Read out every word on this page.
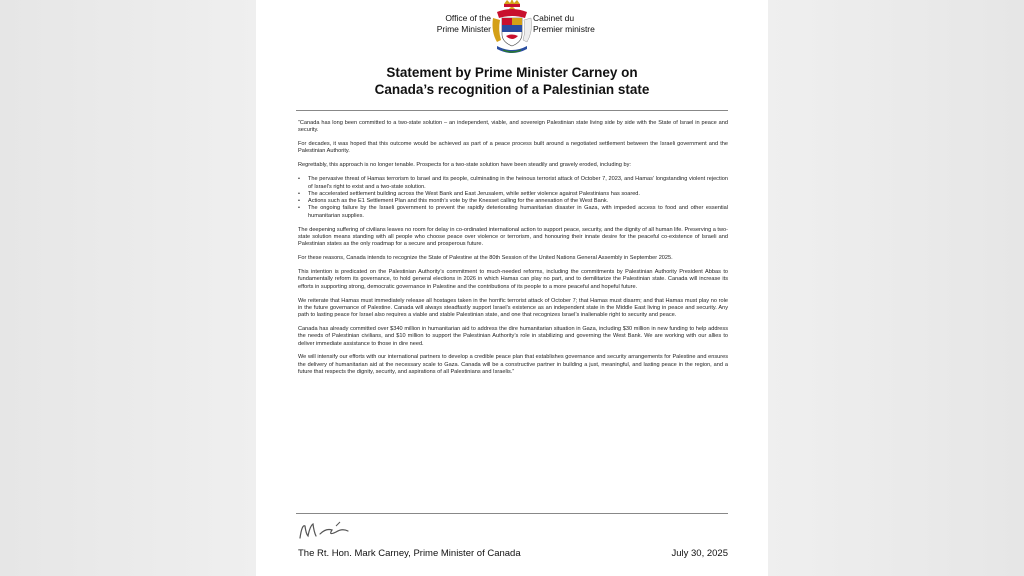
Office of the
Prime Minister
Cabinet du
Premier ministre
Statement by Prime Minister Carney on
Canada’s recognition of a Palestinian state

“Canada has long been committed to a two-state solution – an independent, viable, and sovereign Palestinian state living side by side with the State of Israel in peace and security.

For decades, it was hoped that this outcome would be achieved as part of a peace process built around a negotiated settlement between the Israeli government and the Palestinian Authority.

Regrettably, this approach is no longer tenable. Prospects for a two-state solution have been steadily and gravely eroded, including by:

• The pervasive threat of Hamas terrorism to Israel and its people, culminating in the heinous terrorist attack of October 7, 2023, and Hamas’ longstanding violent rejection of Israel’s right to exist and a two-state solution.
• The accelerated settlement building across the West Bank and East Jerusalem, while settler violence against Palestinians has soared.
• Actions such as the E1 Settlement Plan and this month’s vote by the Knesset calling for the annexation of the West Bank.
• The ongoing failure by the Israeli government to prevent the rapidly deteriorating humanitarian disaster in Gaza, with impeded access to food and other essential humanitarian supplies.

The deepening suffering of civilians leaves no room for delay in co-ordinated international action to support peace, security, and the dignity of all human life. Preserving a two-state solution means standing with all people who choose peace over violence or terrorism, and honouring their innate desire for the peaceful co-existence of Israeli and Palestinian states as the only roadmap for a secure and prosperous future.

For these reasons, Canada intends to recognize the State of Palestine at the 80th Session of the United Nations General Assembly in September 2025.

This intention is predicated on the Palestinian Authority’s commitment to much-needed reforms, including the commitments by Palestinian Authority President Abbas to fundamentally reform its governance, to hold general elections in 2026 in which Hamas can play no part, and to demilitarize the Palestinian state. Canada will increase its efforts in supporting strong, democratic governance in Palestine and the contributions of its people to a more peaceful and hopeful future.

We reiterate that Hamas must immediately release all hostages taken in the horrific terrorist attack of October 7; that Hamas must disarm; and that Hamas must play no role in the future governance of Palestine. Canada will always steadfastly support Israel’s existence as an independent state in the Middle East living in peace and security. Any path to lasting peace for Israel also requires a viable and stable Palestinian state, and one that recognizes Israel’s inalienable right to security and peace.

Canada has already committed over $340 million in humanitarian aid to address the dire humanitarian situation in Gaza, including $30 million in new funding to help address the needs of Palestinian civilians, and $10 million to support the Palestinian Authority’s role in stabilizing and governing the West Bank. We are working with our allies to deliver immediate assistance to those in dire need.

We will intensify our efforts with our international partners to develop a credible peace plan that establishes governance and security arrangements for Palestine and ensures the delivery of humanitarian aid at the necessary scale to Gaza. Canada will be a constructive partner in building a just, meaningful, and lasting peace in the region, and a future that respects the dignity, security, and aspirations of all Palestinians and Israelis.”

The Rt. Hon. Mark Carney, Prime Minister of Canada	July 30, 2025
